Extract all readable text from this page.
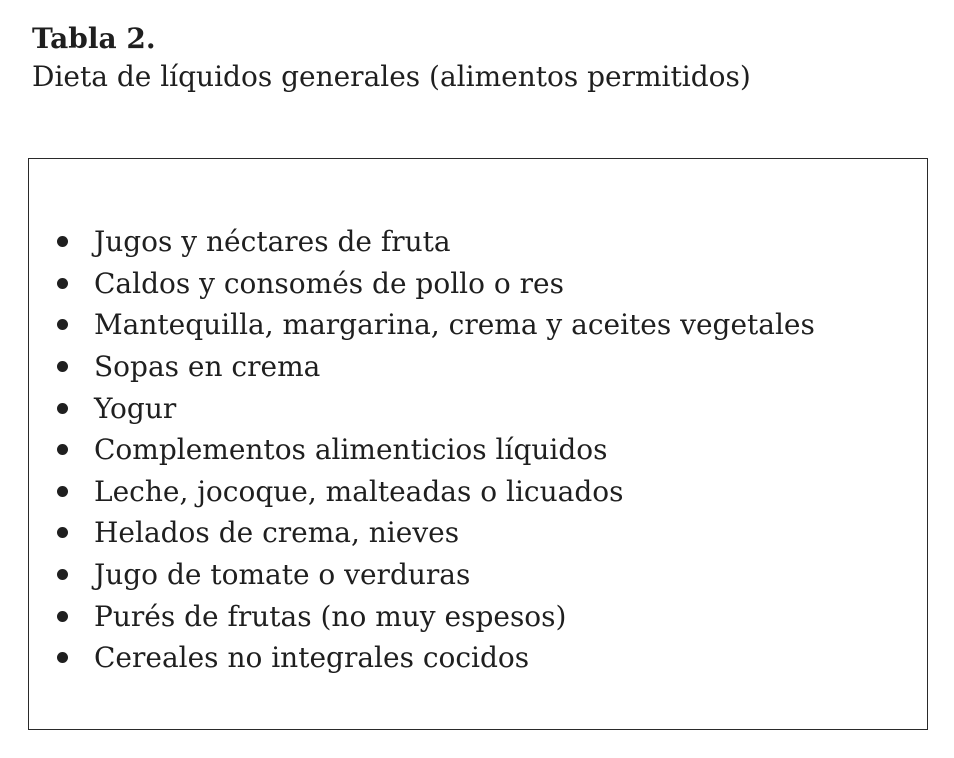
Tabla 2.

Dieta de líquidos generales (alimentos permitidos)

Jugos y néctares de fruta
Caldos y consomés de pollo o res
Mantequilla, margarina, crema y aceites vegetales
Sopas en crema
Yogur
Complementos alimenticios líquidos
Leche, jocoque, malteadas o licuados
Helados de crema, nieves
Jugo de tomate o verduras
Purés de frutas (no muy espesos)
Cereales no integrales cocidos
